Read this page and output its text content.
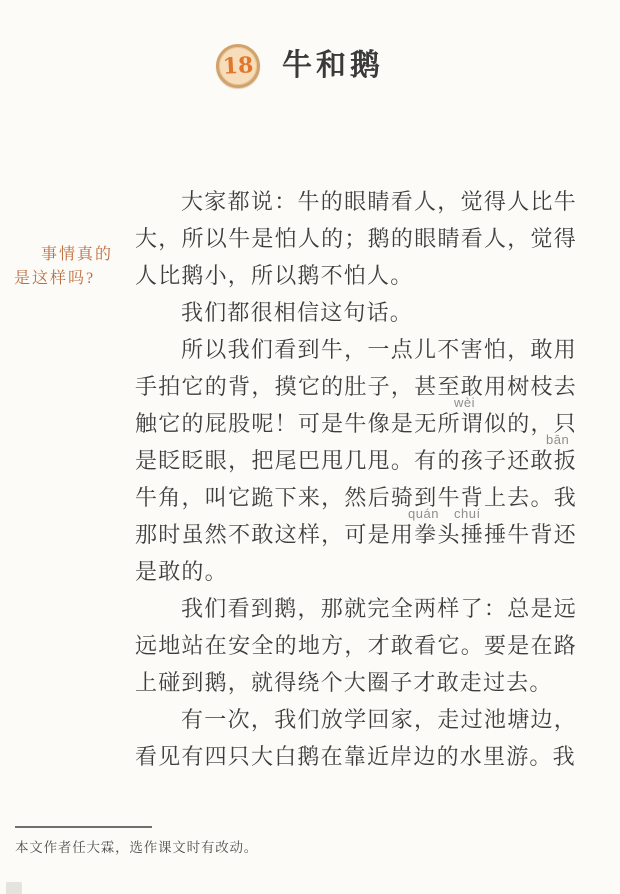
18 牛和鹅
事情真的
是这样吗?

大家都说：牛的眼睛看人，觉得人比牛大，所以牛是怕人的；鹅的眼睛看人，觉得人比鹅小，所以鹅不怕人。

我们都很相信这句话。

所以我们看到牛，一点儿不害怕，敢用手拍它的背，摸它的肚子，甚至敢用树枝去触它的屁股呢！可是牛像是无所谓似的，只是眨眨眼，把尾巴甩几甩。有的孩子还敢扳牛角，叫它跪下来，然后骑到牛背上去。我那时虽然不敢这样，可是用拳头捶捶牛背还是敢的。

我们看到鹅，那就完全两样了：总是远远地站在安全的地方，才敢看它。要是在路上碰到鹅，就得绕个大圈子才敢走过去。

有一次，我们放学回家，走过池塘边，看见有四只大白鹅在靠近岸边的水里游。我

wèi
bān
quán chuí
本文作者任大霖，选作课文时有改动。
